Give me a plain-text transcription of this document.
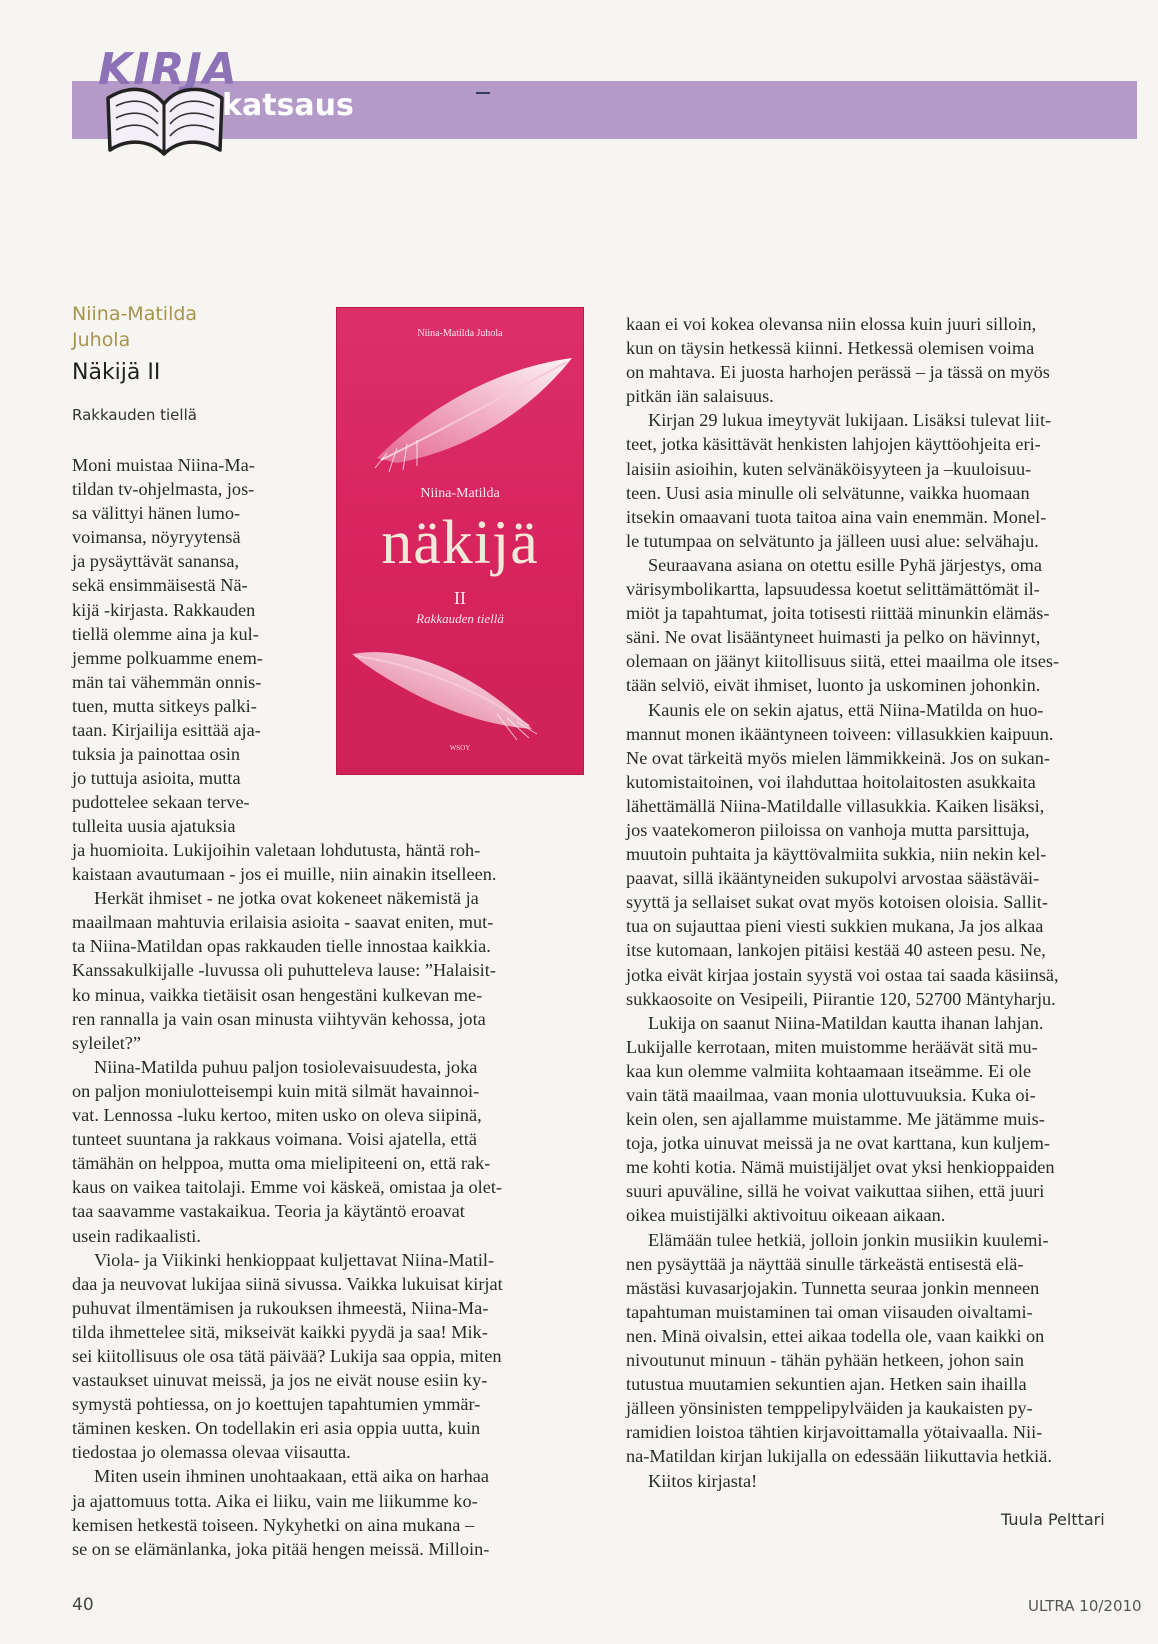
KIRJA
katsaus
Niina-Matilda
Juhola
Näkijä II
Rakkauden tiellä
Niina-Matilda Juhola
Niina-Matilda
näkijä
II
Rakkauden tiellä
WSOY

Moni muistaa Niina-Ma-

tildan tv-ohjelmasta, jos-

sa välittyi hänen lumo-

voimansa, nöyryytensä

ja pysäyttävät sanansa,

sekä ensimmäisestä Nä-

kijä -kirjasta. Rakkauden

tiellä olemme aina ja kul-

jemme polkuamme enem-

män tai vähemmän onnis-

tuen, mutta sitkeys palki-

taan. Kirjailija esittää aja-

tuksia ja painottaa osin

jo tuttuja asioita, mutta

pudottelee sekaan terve-

tulleita uusia ajatuksia

ja huomioita. Lukijoihin valetaan lohdutusta, häntä roh-

kaistaan avautumaan - jos ei muille, niin ainakin itselleen.

Herkät ihmiset - ne jotka ovat kokeneet näkemistä ja

maailmaan mahtuvia erilaisia asioita - saavat eniten, mut-

ta Niina-Matildan opas rakkauden tielle innostaa kaikkia.

Kanssakulkijalle -luvussa oli puhutteleva lause: ”Halaisit-

ko minua, vaikka tietäisit osan hengestäni kulkevan me-

ren rannalla ja vain osan minusta viihtyvän kehossa, jota

syleilet?”

Niina-Matilda puhuu paljon tosiolevaisuudesta, joka

on paljon moniulotteisempi kuin mitä silmät havainnoi-

vat. Lennossa -luku kertoo, miten usko on oleva siipinä,

tunteet suuntana ja rakkaus voimana. Voisi ajatella, että

tämähän on helppoa, mutta oma mielipiteeni on, että rak-

kaus on vaikea taitolaji. Emme voi käskeä, omistaa ja olet-

taa saavamme vastakaikua. Teoria ja käytäntö eroavat

usein radikaalisti.

Viola- ja Viikinki henkioppaat kuljettavat Niina-Matil-

daa ja neuvovat lukijaa siinä sivussa. Vaikka lukuisat kirjat

puhuvat ilmentämisen ja rukouksen ihmeestä, Niina-Ma-

tilda ihmettelee sitä, mikseivät kaikki pyydä ja saa! Mik-

sei kiitollisuus ole osa tätä päivää? Lukija saa oppia, miten

vastaukset uinuvat meissä, ja jos ne eivät nouse esiin ky-

symystä pohtiessa, on jo koettujen tapahtumien ymmär-

täminen kesken. On todellakin eri asia oppia uutta, kuin

tiedostaa jo olemassa olevaa viisautta.

Miten usein ihminen unohtaakaan, että aika on harhaa

ja ajattomuus totta. Aika ei liiku, vain me liikumme ko-

kemisen hetkestä toiseen. Nykyhetki on aina mukana –

se on se elämänlanka, joka pitää hengen meissä. Milloin-

kaan ei voi kokea olevansa niin elossa kuin juuri silloin,

kun on täysin hetkessä kiinni. Hetkessä olemisen voima

on mahtava. Ei juosta harhojen perässä – ja tässä on myös

pitkän iän salaisuus.

Kirjan 29 lukua imeytyvät lukijaan. Lisäksi tulevat liit-

teet, jotka käsittävät henkisten lahjojen käyttöohjeita eri-

laisiin asioihin, kuten selvänäköisyyteen ja –kuuloisuu-

teen. Uusi asia minulle oli selvätunne, vaikka huomaan

itsekin omaavani tuota taitoa aina vain enemmän. Monel-

le tutumpaa on selvätunto ja jälleen uusi alue: selvähaju.

Seuraavana asiana on otettu esille Pyhä järjestys, oma

värisymbolikartta, lapsuudessa koetut selittämättömät il-

miöt ja tapahtumat, joita totisesti riittää minunkin elämäs-

säni. Ne ovat lisääntyneet huimasti ja pelko on hävinnyt,

olemaan on jäänyt kiitollisuus siitä, ettei maailma ole itses-

tään selviö, eivät ihmiset, luonto ja uskominen johonkin.

Kaunis ele on sekin ajatus, että Niina-Matilda on huo-

mannut monen ikääntyneen toiveen: villasukkien kaipuun.

Ne ovat tärkeitä myös mielen lämmikkeinä. Jos on sukan-

kutomistaitoinen, voi ilahduttaa hoitolaitosten asukkaita

lähettämällä Niina-Matildalle villasukkia. Kaiken lisäksi,

jos vaatekomeron piiloissa on vanhoja mutta parsittuja,

muutoin puhtaita ja käyttövalmiita sukkia, niin nekin kel-

paavat, sillä ikääntyneiden sukupolvi arvostaa säästäväi-

syyttä ja sellaiset sukat ovat myös kotoisen oloisia. Sallit-

tua on sujauttaa pieni viesti sukkien mukana, Ja jos alkaa

itse kutomaan, lankojen pitäisi kestää 40 asteen pesu. Ne,

jotka eivät kirjaa jostain syystä voi ostaa tai saada käsiinsä,

sukkaosoite on Vesipeili, Piirantie 120, 52700 Mäntyharju.

Lukija on saanut Niina-Matildan kautta ihanan lahjan.

Lukijalle kerrotaan, miten muistomme heräävät sitä mu-

kaa kun olemme valmiita kohtaamaan itseämme. Ei ole

vain tätä maailmaa, vaan monia ulottuvuuksia. Kuka oi-

kein olen, sen ajallamme muistamme. Me jätämme muis-

toja, jotka uinuvat meissä ja ne ovat karttana, kun kuljem-

me kohti kotia. Nämä muistijäljet ovat yksi henkioppaiden

suuri apuväline, sillä he voivat vaikuttaa siihen, että juuri

oikea muistijälki aktivoituu oikeaan aikaan.

Elämään tulee hetkiä, jolloin jonkin musiikin kuulemi-

nen pysäyttää ja näyttää sinulle tärkeästä entisestä elä-

mästäsi kuvasarjojakin. Tunnetta seuraa jonkin menneen

tapahtuman muistaminen tai oman viisauden oivaltami-

nen. Minä oivalsin, ettei aikaa todella ole, vaan kaikki on

nivoutunut minuun - tähän pyhään hetkeen, johon sain

tutustua muutamien sekuntien ajan. Hetken sain ihailla

jälleen yönsinisten temppelipylväiden ja kaukaisten py-

ramidien loistoa tähtien kirjavoittamalla yötaivaalla. Nii-

na-Matildan kirjan lukijalla on edessään liikuttavia hetkiä.

Kiitos kirjasta!

Tuula Pelttari
40	ULTRA 10/2010
